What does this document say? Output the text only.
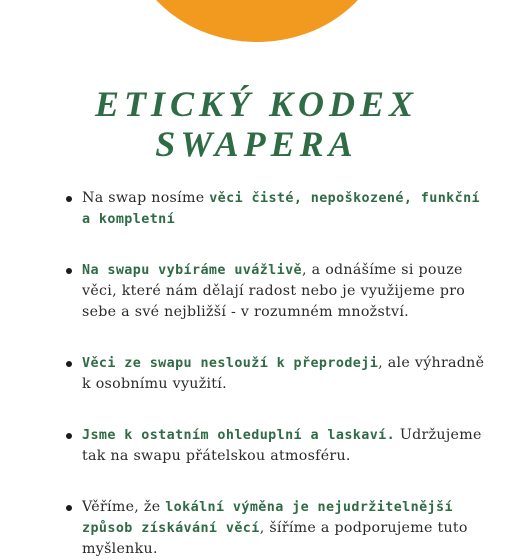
ETICKÝ KODEX
SWAPERA
Na swap nosíme věci čisté, nepoškozené, funkční a kompletní
Na swapu vybíráme uvážlivě, a odnášíme si pouze věci, které nám dělají radost nebo je využijeme pro sebe a své nejbližší - v rozumném množství.
Věci ze swapu neslouží k přeprodeji, ale výhradně k osobnímu využití.
Jsme k ostatním ohleduplní a laskaví. Udržujeme tak na swapu přátelskou atmosféru.
Věříme, že lokální výměna je nejudržitelnější způsob získávání věcí, šíříme a podporujeme tuto myšlenku.
